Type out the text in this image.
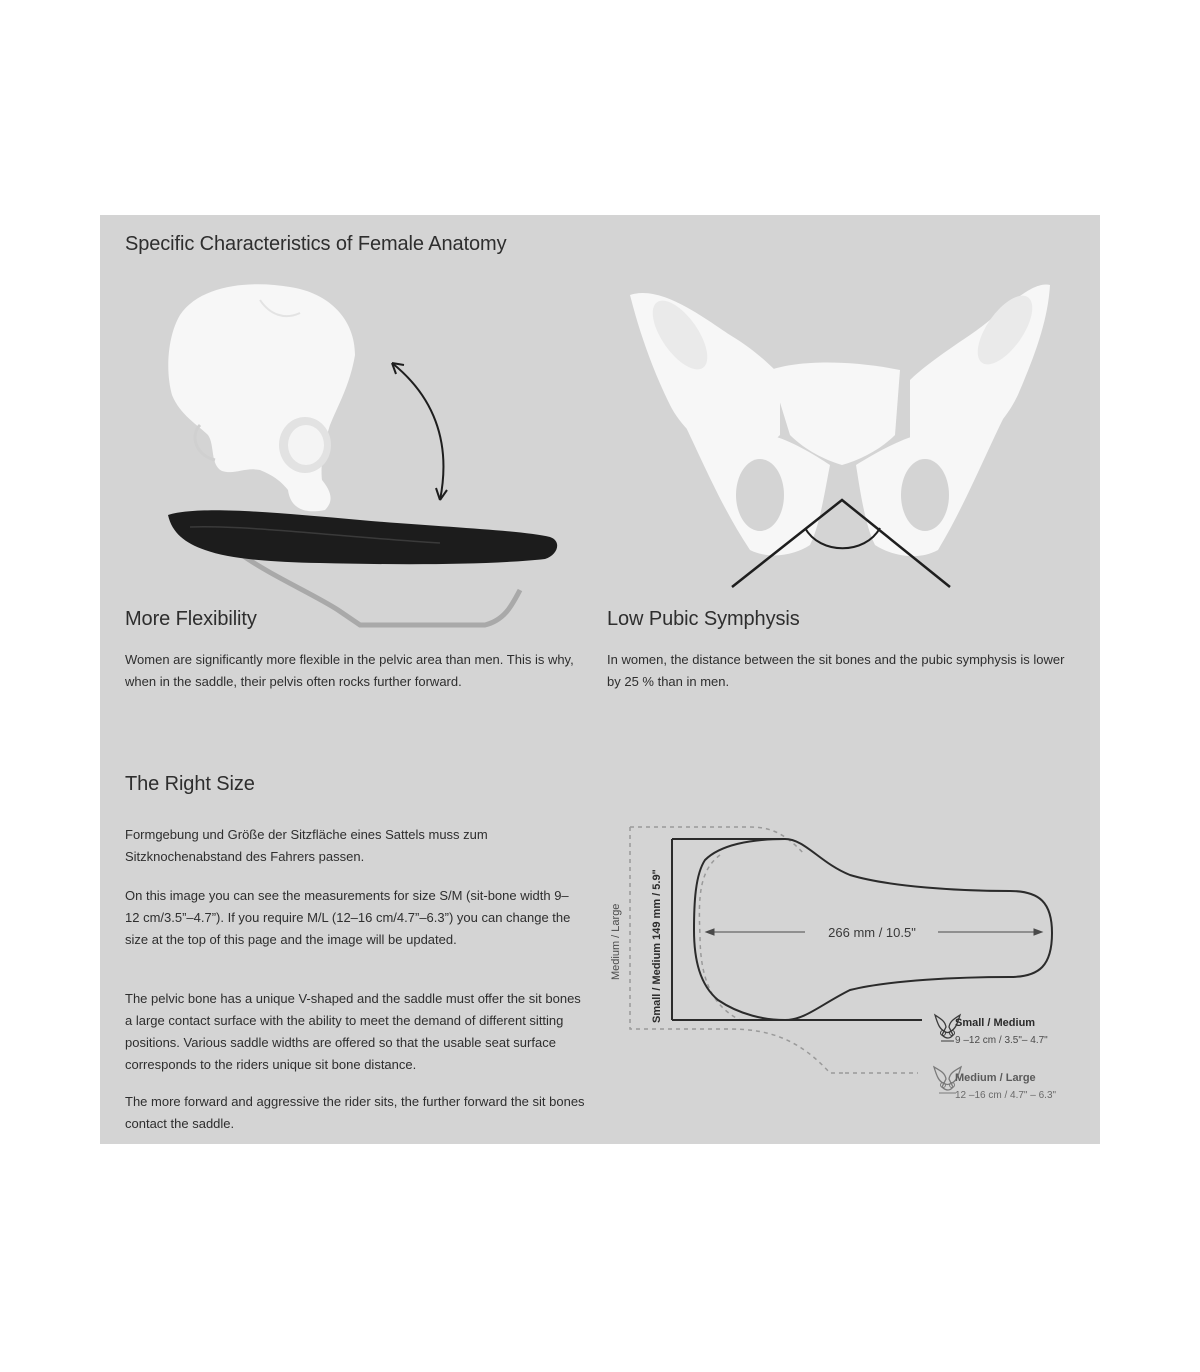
Specific Characteristics of Female Anatomy
More Flexibility
Women are significantly more flexible in the pelvic area than men. This is why, when in the saddle, their pelvis often rocks further forward.
Low Pubic Symphysis
In women, the distance between the sit bones and the pubic symphysis is lower by 25 % than in men.
The Right Size
Formgebung und Größe der Sitzfläche eines Sattels muss zum Sitzknochenabstand des Fahrers passen.
On this image you can see the measurements for size S/M (sit-bone width 9–12 cm/3.5”–4.7”). If you require M/L (12–16 cm/4.7”–6.3”) you can change the size at the top of this page and the image will be updated.
The pelvic bone has a unique V-shaped and the saddle must offer the sit bones a large contact surface with the ability to meet the demand of different sitting positions. Various saddle widths are offered so that the usable seat surface corresponds to the riders unique sit bone distance.
The more forward and aggressive the rider sits, the further forward the sit bones contact the saddle.
266 mm / 10.5"
Medium / Large	Small / Medium 149 mm / 5.9"	Small / Medium
9 –12 cm / 3.5"– 4.7"
Medium / Large
12 –16 cm / 4.7" – 6.3"
